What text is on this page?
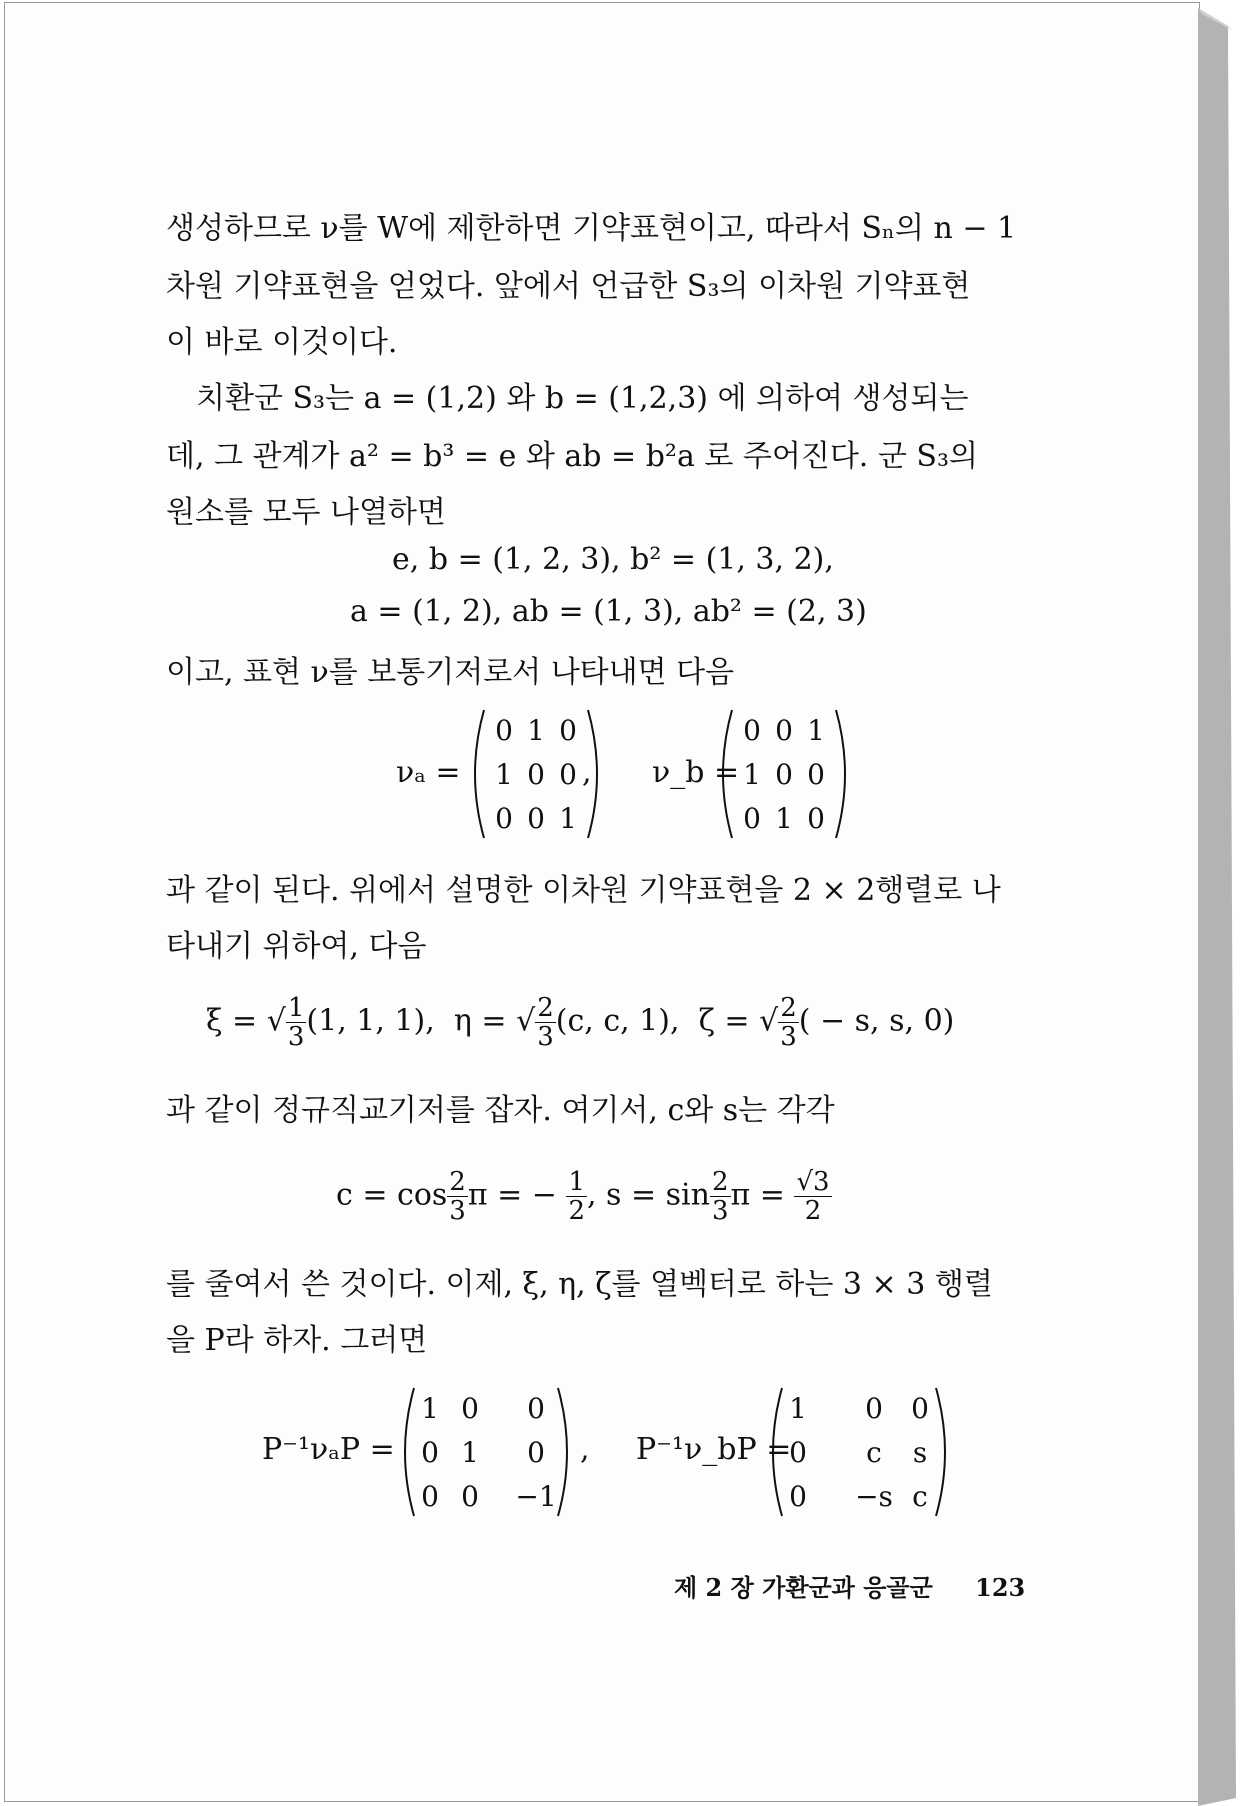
생성하므로 ν를 W에 제한하면 기약표현이고, 따라서 Sₙ의 n − 1
차원 기약표현을 얻었다. 앞에서 언급한 S₃의 이차원 기약표현
이 바로 이것이다.
치환군 S₃는 a = (1,2) 와 b = (1,2,3) 에 의하여 생성되는
데, 그 관계가 a² = b³ = e 와 ab = b²a 로 주어진다. 군 S₃의
원소를 모두 나열하면
e, b = (1, 2, 3), b² = (1, 3, 2),
a = (1, 2), ab = (1, 3), ab² = (2, 3)
이고, 표현 ν를 보통기저로서 나타내면 다음
νₐ =
0 1 0
1 0 0
0 0 1
, ν_b =
0 0 1
1 0 0
0 1 0
과 같이 된다. 위에서 설명한 이차원 기약표현을 2 × 2행렬로 나
타내기 위하여, 다음
ξ = √ $\frac{1}{3} (1$, 1, 1), η = √ $\frac{2}{3} (c$, c, 1), ζ = √ $\frac{2}{3}$ ( − s, s, 0)
과 같이 정규직교기저를 잡자. 여기서, c와 s는 각각
$c = \cos \frac{2}{3}$ π = − $\frac{1}{2}$ , $s = \sin \frac{2}{3}$ $\pi = \frac{√3}{2}$
를 줄여서 쓴 것이다. 이제, ξ, η, ζ를 열벡터로 하는 3 × 3 행렬
을 P라 하자. 그러면
P⁻¹νₐP =
1 0 0
0 1 0
0 0 −1
, P⁻¹ν_bP =
1 0 0
0 c s
0 −s c
제 2 장 가환군과 응골군 123
